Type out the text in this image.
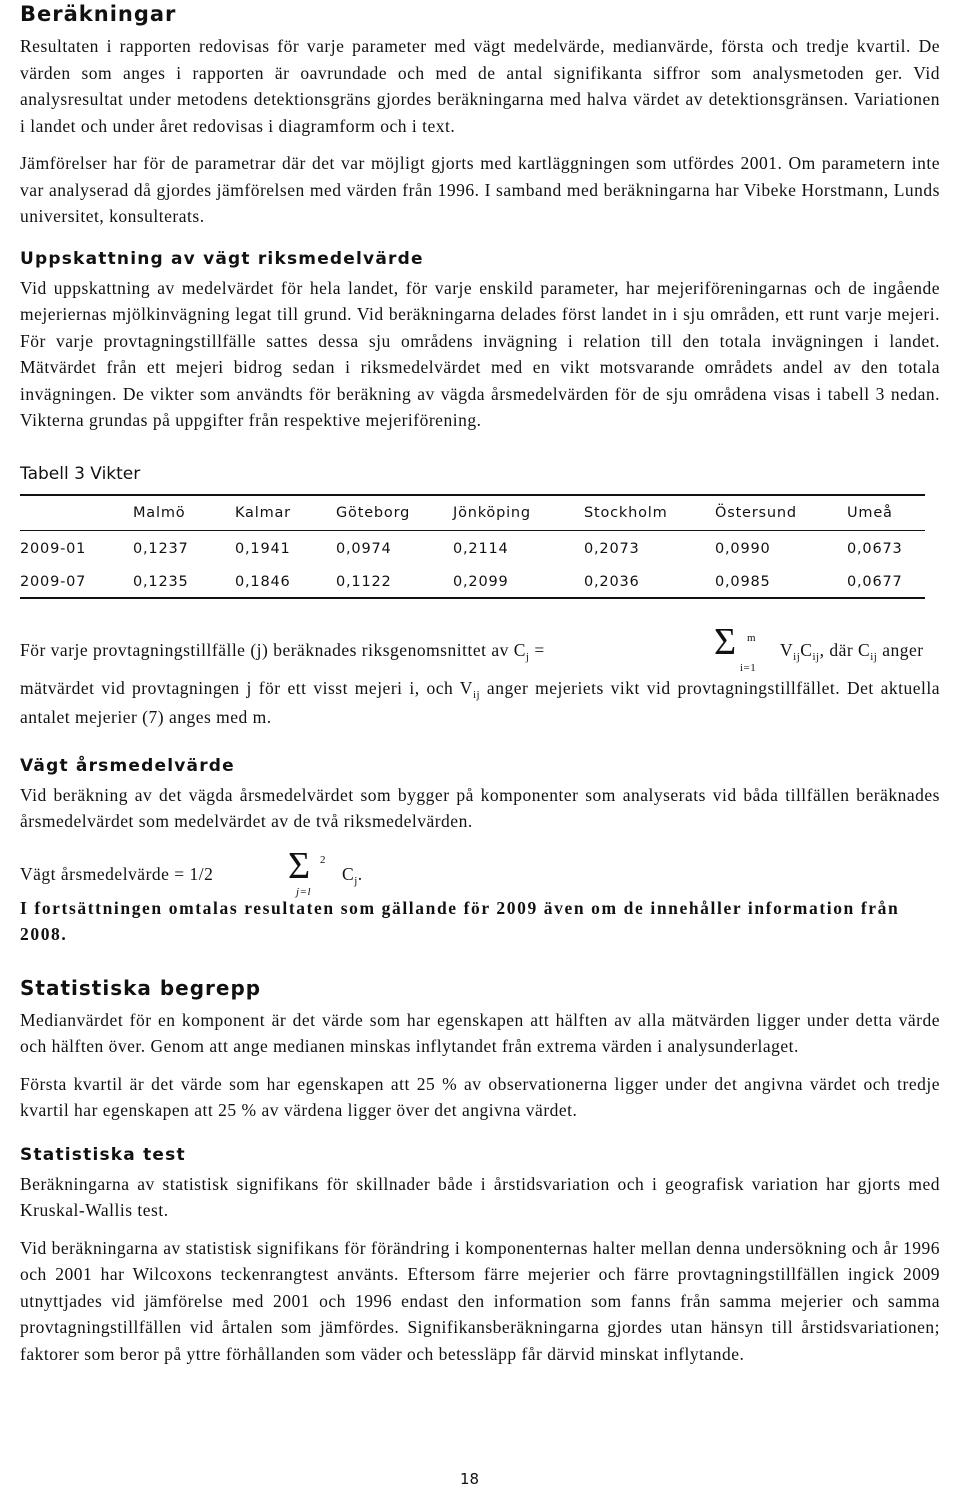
Beräkningar

Resultaten i rapporten redovisas för varje parameter med vägt medelvärde, medianvärde, första och tredje kvartil. De värden som anges i rapporten är oavrundade och med de antal signifikanta siffror som analysmetoden ger. Vid analysresultat under metodens detektionsgräns gjordes beräkningarna med halva värdet av detektionsgränsen. Variationen i landet och under året redovisas i diagramform och i text.

Jämförelser har för de parametrar där det var möjligt gjorts med kartläggningen som utfördes 2001. Om parametern inte var analyserad då gjordes jämförelsen med värden från 1996. I samband med beräkningarna har Vibeke Horstmann, Lunds universitet, konsulterats.

Uppskattning av vägt riksmedelvärde

Vid uppskattning av medelvärdet för hela landet, för varje enskild parameter, har mejeriföreningarnas och de ingående mejeriernas mjölkinvägning legat till grund. Vid beräkningarna delades först landet in i sju områden, ett runt varje mejeri. För varje provtagningstillfälle sattes dessa sju områdens invägning i relation till den totala invägningen i landet. Mätvärdet från ett mejeri bidrog sedan i riksmedelvärdet med en vikt motsvarande områdets andel av den totala invägningen. De vikter som användts för beräkning av vägda årsmedelvärden för de sju områdena visas i tabell 3 nedan. Vikterna grundas på uppgifter från respektive mejeriförening.

Tabell 3 Vikter

	Malmö	Kalmar	Göteborg	Jönköping	Stockholm	Östersund	Umeå
2009-01	0,1237	0,1941	0,0974	0,2114	0,2073	0,0990	0,0673
2009-07	0,1235	0,1846	0,1122	0,2099	0,2036	0,0985	0,0677
För varje provtagningstillfälle (j) beräknades riksgenomsnittet av $C_j$ =
m
Σ
i=1
$V_{ij}C_{ij}$, där $C_{ij}$ anger

mätvärdet vid provtagningen j för ett visst mejeri i, och $V_{ij}$ anger mejeriets vikt vid provtagningstillfället. Det aktuella antalet mejerier (7) anges med m.

Vägt årsmedelvärde

Vid beräkning av det vägda årsmedelvärdet som bygger på komponenter som analyserats vid båda tillfällen beräknades årsmedelvärdet som medelvärdet av de två riksmedelvärden.

Vägt årsmedelvärde = 1/2
2
Σ
j=l
$C_j$.

I fortsättningen omtalas resultaten som gällande för 2009 även om de innehåller information från 2008.

Statistiska begrepp

Medianvärdet för en komponent är det värde som har egenskapen att hälften av alla mätvärden ligger under detta värde och hälften över. Genom att ange medianen minskas inflytandet från extrema värden i analysunderlaget.

Första kvartil är det värde som har egenskapen att 25 % av observationerna ligger under det angivna värdet och tredje kvartil har egenskapen att 25 % av värdena ligger över det angivna värdet.

Statistiska test

Beräkningarna av statistisk signifikans för skillnader både i årstidsvariation och i geografisk variation har gjorts med Kruskal-Wallis test.

Vid beräkningarna av statistisk signifikans för förändring i komponenternas halter mellan denna undersökning och år 1996 och 2001 har Wilcoxons teckenrangtest använts. Eftersom färre mejerier och färre provtagningstillfällen ingick 2009 utnyttjades vid jämförelse med 2001 och 1996 endast den information som fanns från samma mejerier och samma provtagningstillfällen vid årtalen som jämfördes. Signifikansberäkningarna gjordes utan hänsyn till årstidsvariationen; faktorer som beror på yttre förhållanden som väder och betessläpp får därvid minskat inflytande.

18
